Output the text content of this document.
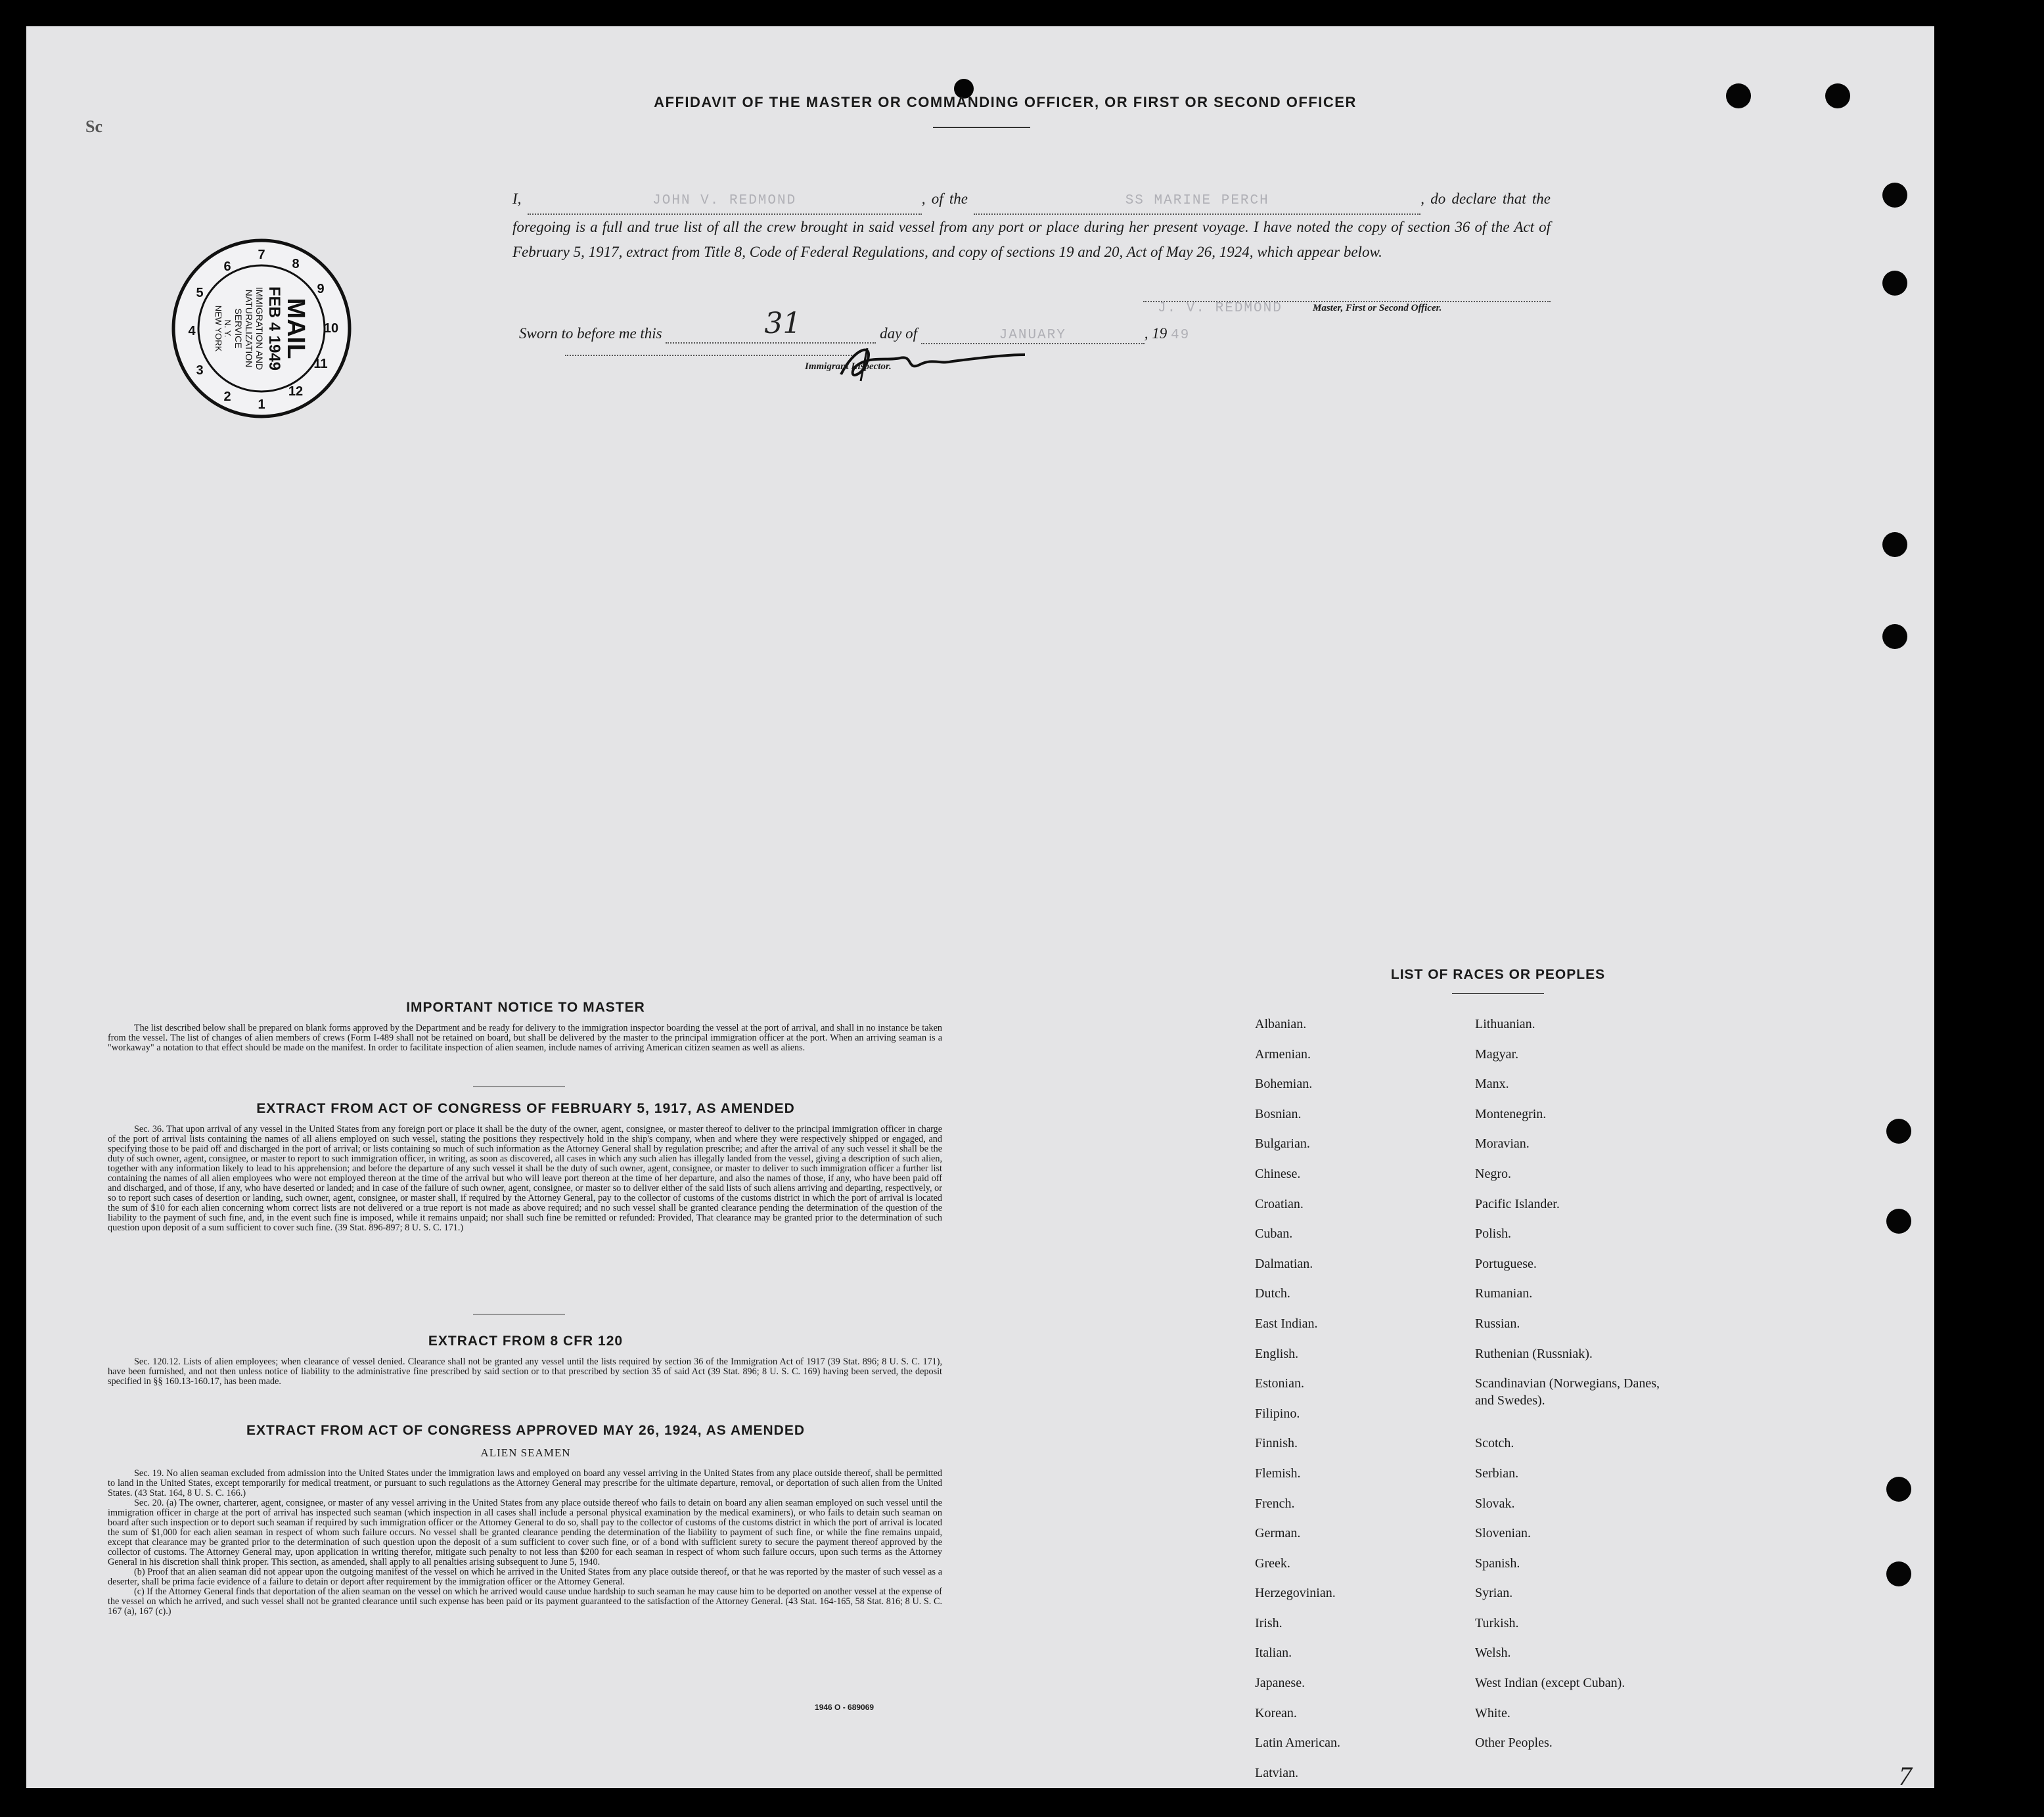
Sc
7
AFFIDAVIT OF THE MASTER OR COMMANDING OFFICER, OR FIRST OR SECOND OFFICER
I,	JOHN V. REDMOND	, of the	SS MARINE PERCH	, do declare that the foregoing is a full and true list of all the crew brought in said vessel from any port or place during her present voyage. I have noted the copy of section 36 of the Act of February 5, 1917, extract from Title 8, Code of Federal Regulations, and copy of sections 19 and 20, Act of May 26, 1924, which appear below.
J. V. REDMOND	Master, First or Second Officer.
Sworn to before me this	31	day of	JANUARY	, 19 49
Immigrant Inspector.
7
8
9
10
11
12
1
2
3
4
5
6
MAIL
FEB 4 1949
IMMIGRATION AND
NATURALIZATION
SERVICE
N. Y.
NEW YORK
IMPORTANT NOTICE TO MASTER

The list described below shall be prepared on blank forms approved by the Department and be ready for delivery to the immigration inspector boarding the vessel at the port of arrival, and shall in no instance be taken from the vessel. The list of changes of alien members of crews (Form I-489 shall not be retained on board, but shall be delivered by the master to the principal immigration officer at the port. When an arriving seaman is a "workaway" a notation to that effect should be made on the manifest. In order to facilitate inspection of alien seamen, include names of arriving American citizen seamen as well as aliens.

EXTRACT FROM ACT OF CONGRESS OF FEBRUARY 5, 1917, AS AMENDED

Sec. 36. That upon arrival of any vessel in the United States from any foreign port or place it shall be the duty of the owner, agent, consignee, or master thereof to deliver to the principal immigration officer in charge of the port of arrival lists containing the names of all aliens employed on such vessel, stating the positions they respectively hold in the ship's company, when and where they were respectively shipped or engaged, and specifying those to be paid off and discharged in the port of arrival; or lists containing so much of such information as the Attorney General shall by regulation prescribe; and after the arrival of any such vessel it shall be the duty of such owner, agent, consignee, or master to report to such immigration officer, in writing, as soon as discovered, all cases in which any such alien has illegally landed from the vessel, giving a description of such alien, together with any information likely to lead to his apprehension; and before the departure of any such vessel it shall be the duty of such owner, agent, consignee, or master to deliver to such immigration officer a further list containing the names of all alien employees who were not employed thereon at the time of the arrival but who will leave port thereon at the time of her departure, and also the names of those, if any, who have been paid off and discharged, and of those, if any, who have deserted or landed; and in case of the failure of such owner, agent, consignee, or master so to deliver either of the said lists of such aliens arriving and departing, respectively, or so to report such cases of desertion or landing, such owner, agent, consignee, or master shall, if required by the Attorney General, pay to the collector of customs of the customs district in which the port of arrival is located the sum of $10 for each alien concerning whom correct lists are not delivered or a true report is not made as above required; and no such vessel shall be granted clearance pending the determination of the question of the liability to the payment of such fine, and, in the event such fine is imposed, while it remains unpaid; nor shall such fine be remitted or refunded: Provided, That clearance may be granted prior to the determination of such question upon deposit of a sum sufficient to cover such fine. (39 Stat. 896-897; 8 U. S. C. 171.)

EXTRACT FROM 8 CFR 120

Sec. 120.12. Lists of alien employees; when clearance of vessel denied. Clearance shall not be granted any vessel until the lists required by section 36 of the Immigration Act of 1917 (39 Stat. 896; 8 U. S. C. 171), have been furnished, and not then unless notice of liability to the administrative fine prescribed by said section or to that prescribed by section 35 of said Act (39 Stat. 896; 8 U. S. C. 169) having been served, the deposit specified in §§ 160.13-160.17, has been made.

EXTRACT FROM ACT OF CONGRESS APPROVED MAY 26, 1924, AS AMENDED
ALIEN SEAMEN

Sec. 19. No alien seaman excluded from admission into the United States under the immigration laws and employed on board any vessel arriving in the United States from any place outside thereof, shall be permitted to land in the United States, except temporarily for medical treatment, or pursuant to such regulations as the Attorney General may prescribe for the ultimate departure, removal, or deportation of such alien from the United States. (43 Stat. 164, 8 U. S. C. 166.)

Sec. 20. (a) The owner, charterer, agent, consignee, or master of any vessel arriving in the United States from any place outside thereof who fails to detain on board any alien seaman employed on such vessel until the immigration officer in charge at the port of arrival has inspected such seaman (which inspection in all cases shall include a personal physical examination by the medical examiners), or who fails to detain such seaman on board after such inspection or to deport such seaman if required by such immigration officer or the Attorney General to do so, shall pay to the collector of customs of the customs district in which the port of arrival is located the sum of $1,000 for each alien seaman in respect of whom such failure occurs. No vessel shall be granted clearance pending the determination of the liability to payment of such fine, or while the fine remains unpaid, except that clearance may be granted prior to the determination of such question upon the deposit of a sum sufficient to cover such fine, or of a bond with sufficient surety to secure the payment thereof approved by the collector of customs. The Attorney General may, upon application in writing therefor, mitigate such penalty to not less than $200 for each seaman in respect of whom such failure occurs, upon such terms as the Attorney General in his discretion shall think proper. This section, as amended, shall apply to all penalties arising subsequent to June 5, 1940.

(b) Proof that an alien seaman did not appear upon the outgoing manifest of the vessel on which he arrived in the United States from any place outside thereof, or that he was reported by the master of such vessel as a deserter, shall be prima facie evidence of a failure to detain or deport after requirement by the immigration officer or the Attorney General.

(c) If the Attorney General finds that deportation of the alien seaman on the vessel on which he arrived would cause undue hardship to such seaman he may cause him to be deported on another vessel at the expense of the vessel on which he arrived, and such vessel shall not be granted clearance until such expense has been paid or its payment guaranteed to the satisfaction of the Attorney General. (43 Stat. 164-165, 58 Stat. 816; 8 U. S. C. 167 (a), 167 (c).)

1946 O - 689069
LIST OF RACES OR PEOPLES
Albanian.
Armenian.
Bohemian.
Bosnian.
Bulgarian.
Chinese.
Croatian.
Cuban.
Dalmatian.
Dutch.
East Indian.
English.
Estonian.
Filipino.
Finnish.
Flemish.
French.
German.
Greek.
Herzegovinian.
Irish.
Italian.
Japanese.
Korean.
Latin American.
Latvian.
Lithuanian.
Magyar.
Manx.
Montenegrin.
Moravian.
Negro.
Pacific Islander.
Polish.
Portuguese.
Rumanian.
Russian.
Ruthenian (Russniak).
Scandinavian (Norwegians, Danes, and Swedes).
Scotch.
Serbian.
Slovak.
Slovenian.
Spanish.
Syrian.
Turkish.
Welsh.
West Indian (except Cuban).
White.
Other Peoples.
